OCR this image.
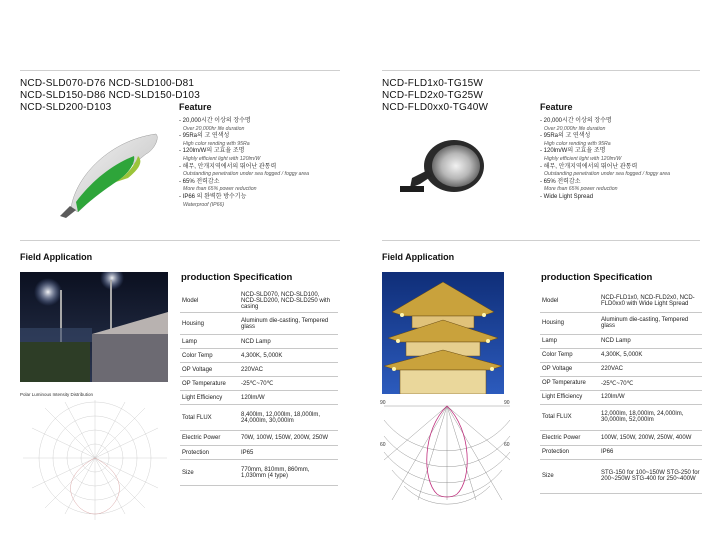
NCD-SLD070-D76 NCD-SLD100-D81
NCD-SLD150-D86 NCD-SLD150-D103
NCD-SLD200-D103	Feature
- 20,000시간 이상의 장수명
Over 20,000hr life duration
- 95Ra의 고 연색성
High color rending with 95Ra
- 120lm/W의 고효율 조명
Highly efficient light with 120lm/W
- 해무, 안개지역에서의 뛰어난 관통력
Outstanding penetration under sea fogged / foggy area
- 65% 전력감소
More than 65% power reduction
- IP66 의 완벽한 방수기능
Waterproof (IP66)
Field Application
Polar Luminous Intensity Distribution
production Specification
Model	NCD-SLD070, NCD-SLD100, NCD-SLD200, NCD-SLD250 with casing
Housing	Aluminum die-casting, Tempered glass
Lamp	NCD Lamp
Color Temp	4,300K, 5,000K
OP Voltage	220VAC
OP Temperature	-25℃~70℃
Light Efficiency	120lm/W
Total FLUX	8,400lm, 12,000lm, 18,000lm, 24,000lm, 30,000lm
Electric Power	70W, 100W, 150W, 200W, 250W
Protection	IP65
Size	770mm, 810mm, 860mm, 1,030mm (4 type)
NCD-FLD1x0-TG15W
NCD-FLD2x0-TG25W
NCD-FLD0xx0-TG40W	Feature
- 20,000시간 이상의 장수명
Over 20,000hr life duration
- 95Ra의 고 연색성
High color rending with 95Ra
- 120lm/W의 고효율 조명
Highly efficient light with 120lm/W
- 해무, 안개지역에서의 뛰어난 관통력
Outstanding penetration under sea fogged / foggy area
- 65% 전력감소
More than 65% power reduction
- Wide Light Spread
Field Application
90	90
60	60
production Specification
Model	NCD-FLD1x0, NCD-FLD2x0, NCD-FLD0xx0 with Wide Light Spread
Housing	Aluminum die-casting, Tempered glass
Lamp	NCD Lamp
Color Temp	4,300K, 5,000K
OP Voltage	220VAC
OP Temperature	-25℃~70℃
Light Efficiency	120lm/W
Total FLUX	12,000lm, 18,000lm, 24,000lm, 30,000lm, 52,000lm
Electric Power	100W, 150W, 200W, 250W, 400W
Protection	IP66
Size	STG-150 for 100~150W STG-250 for 200~250W STG-400 for 250~400W
